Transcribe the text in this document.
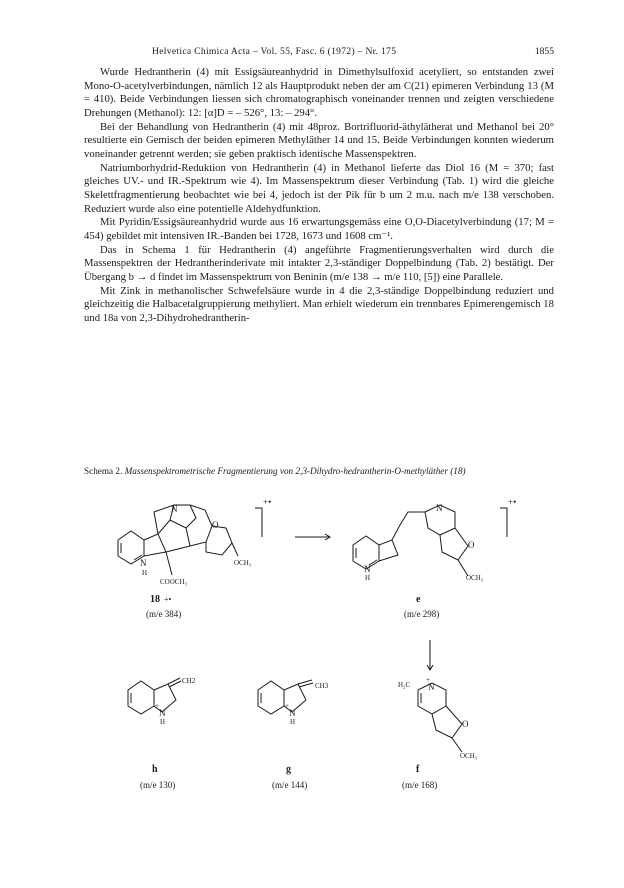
Helvetica Chimica Acta – Vol. 55, Fasc. 6 (1972) – Nr. 175	1855

Wurde Hedrantherin (4) mit Essigsäureanhydrid in Dimethylsulfoxid acetyliert, so entstanden zwei Mono-O-acetylverbindungen, nämlich 12 als Hauptprodukt neben der am C(21) epimeren Verbindung 13 (M = 410). Beide Verbindungen liessen sich chromatographisch voneinander trennen und zeigten verschiedene Drehungen (Methanol): 12: [α]D = – 526°, 13: – 294°.

Bei der Behandlung von Hedrantherin (4) mit 48proz. Bortrifluorid-äthylätherat und Methanol bei 20° resultierte ein Gemisch der beiden epimeren Methyläther 14 und 15. Beide Verbindungen konnten wiederum voneinander getrennt werden; sie geben praktisch identische Massenspektren.

Natriumborhydrid-Reduktion von Hedrantherin (4) in Methanol lieferte das Diol 16 (M = 370; fast gleiches UV.- und IR.-Spektrum wie 4). Im Massenspektrum dieser Verbindung (Tab. 1) wird die gleiche Skelettfragmentierung beobachtet wie bei 4, jedoch ist der Pik für b um 2 m.u. nach m/e 138 verschoben. Reduziert wurde also eine potentielle Aldehydfunktion.

Mit Pyridin/Essigsäureanhydrid wurde aus 16 erwartungsgemäss eine O,O-Diacetylverbindung (17; M = 454) gebildet mit intensiven IR.-Banden bei 1728, 1673 und 1608 cm⁻¹.

Das in Schema 1 für Hedrantherin (4) angeführte Fragmentierungsverhalten wird durch die Massenspektren der Hedrantherinderivate mit intakter 2,3-ständiger Doppelbindung (Tab. 2) bestätigt. Der Übergang b → d findet im Massenspektrum von Beninin (m/e 138 → m/e 110, [5]) eine Parallele.

Mit Zink in methanolischer Schwefelsäure wurde in 4 die 2,3-ständige Doppelbindung reduziert und gleichzeitig die Halbacetalgruppierung methyliert. Man erhielt wiederum ein trennbares Epimerengemisch 18 und 18a von 2,3-Dihydrohedrantherin-

Schema 2. Massenspektrometrische Fragmentierung von 2,3-Dihydro-hedrantherin-O-methyläther (18)
N
N
H
O
OCH₃
COOCH₃
+•	+•
N
N
H
O
OCH₃
CH2
N
+
H
CH3
N
+
H
H₂C N
+
O
OCH₃
18 +•
(m/e 384)
e
(m/e 298)
h
(m/e 130)
g
(m/e 144)
f
(m/e 168)
